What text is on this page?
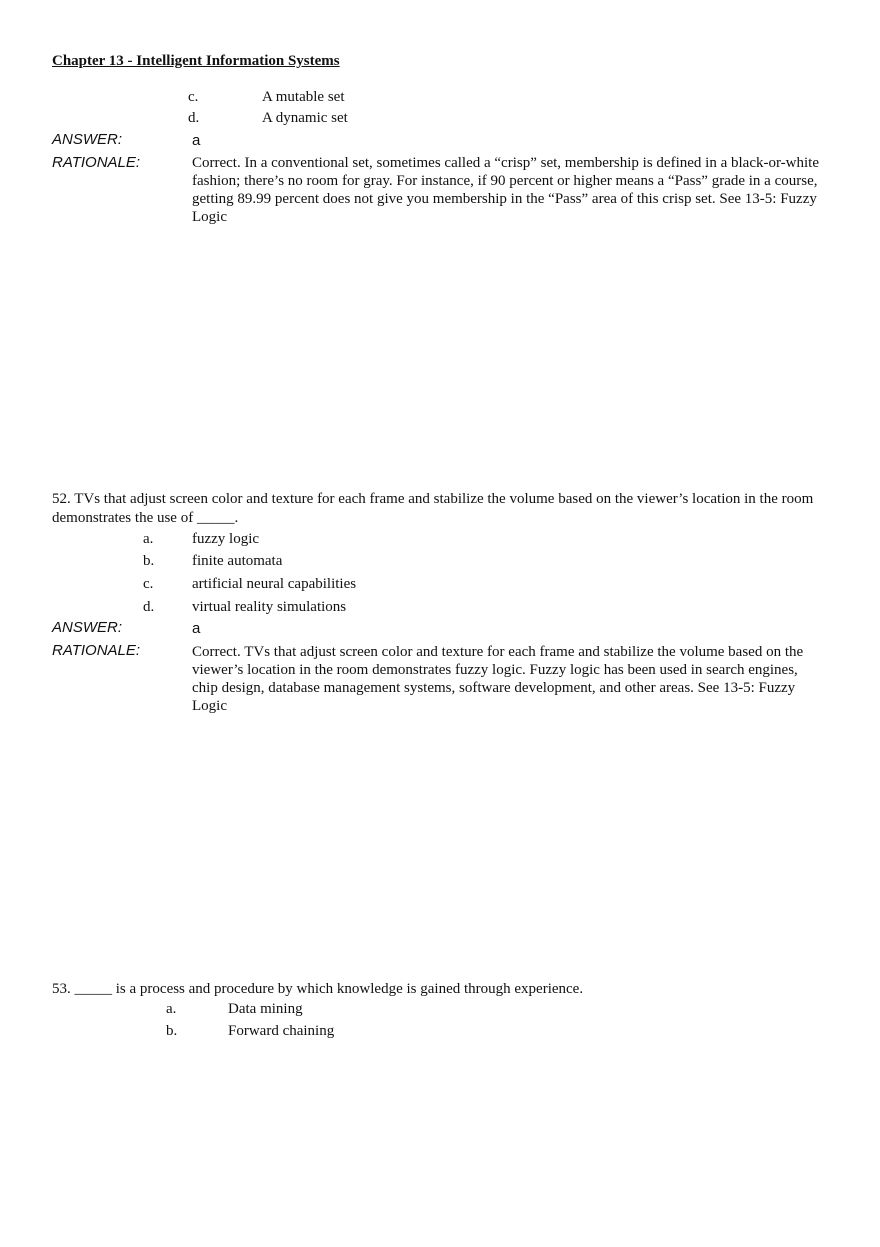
Chapter 13 - Intelligent Information Systems
c.	A mutable set
d.	A dynamic set
ANSWER:	a
RATIONALE:	Correct. In a conventional set, sometimes called a “crisp” set, membership is defined in a black-or-white fashion; there’s no room for gray. For instance, if 90 percent or higher means a “Pass” grade in a course, getting 89.99 percent does not give you membership in the “Pass” area of this crisp set. See 13-5: Fuzzy Logic
52. TVs that adjust screen color and texture for each frame and stabilize the volume based on the viewer’s location in the room demonstrates the use of _____.
a.	fuzzy logic
b.	finite automata
c.	artificial neural capabilities
d.	virtual reality simulations
ANSWER:	a
RATIONALE:	Correct. TVs that adjust screen color and texture for each frame and stabilize the volume based on the viewer’s location in the room demonstrates fuzzy logic. Fuzzy logic has been used in search engines, chip design, database management systems, software development, and other areas. See 13-5: Fuzzy Logic
53. _____ is a process and procedure by which knowledge is gained through experience.
a.	Data mining
b.	Forward chaining
